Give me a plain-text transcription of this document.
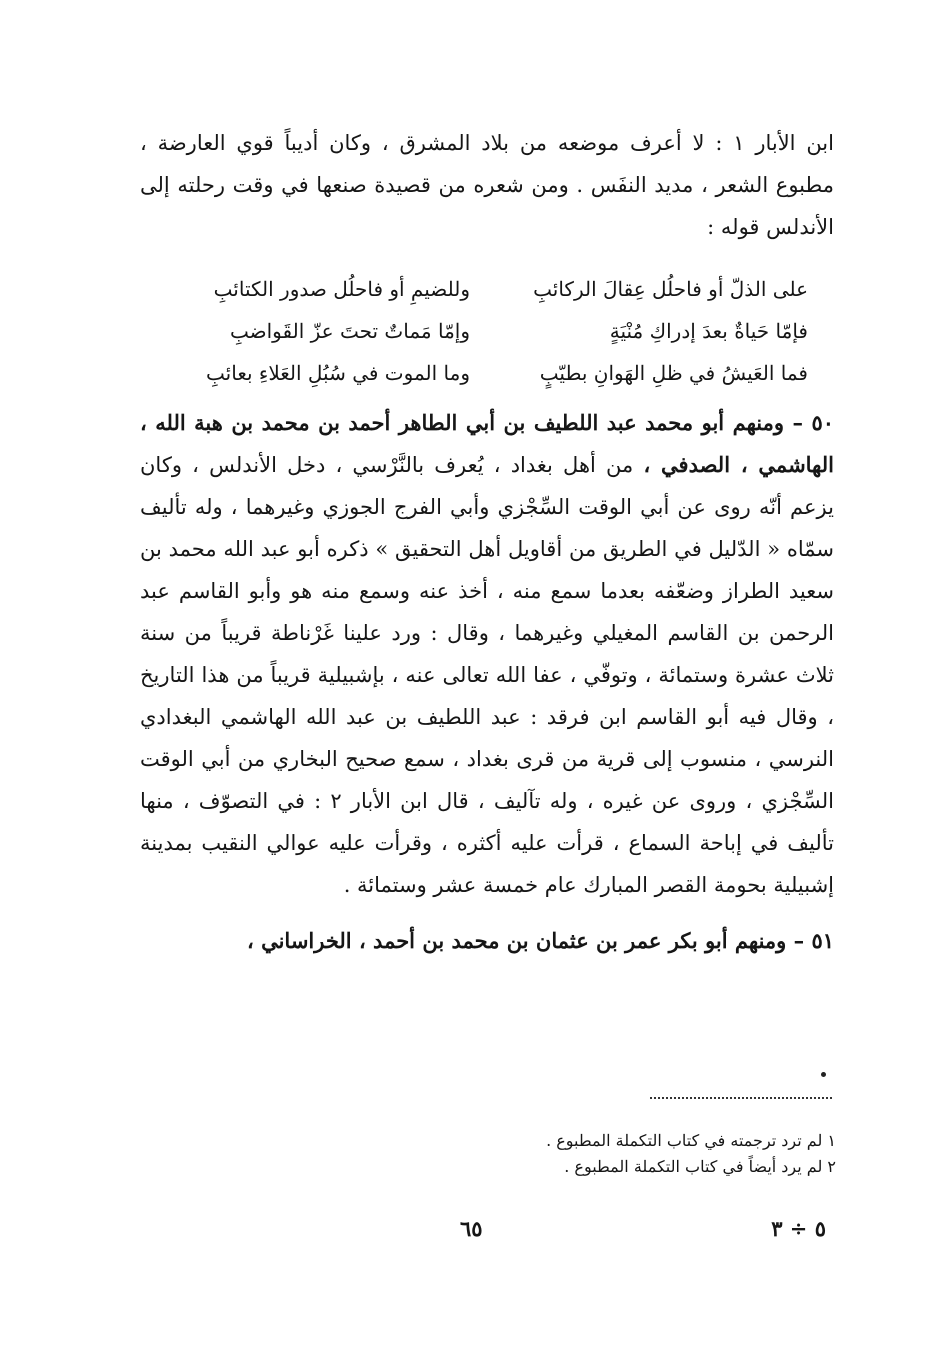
ابن الأبار ١ : لا أعرف موضعه من بلاد المشرق ، وكان أديباً قوي العارضة ، مطبوع الشعر ، مديد النفَس . ومن شعره من قصيدة صنعها في وقت رحلته إلى الأندلس قوله :

على الذلّ أو فاحلُل عِقالَ الركائبِ
وللضيمِ أو فاحلُل صدور الكتائبِ
فإمّا حَياةٌ بعدَ إدراكِ مُنْيَةٍ
وإمّا مَماتٌ تحتَ عزّ القَواضبِ
فما العَيشُ في ظلِ الهَوانِ بطيّبٍ
وما الموت في سُبُلِ العَلاءِ بعائبِ

٥٠ – ومنهم أبو محمد عبد اللطيف بن أبي الطاهر أحمد بن محمد بن هبة الله ، الهاشمي ، الصدفي ، من أهل بغداد ، يُعرف بالنَّرْسي ، دخل الأندلس ، وكان يزعم أنّه روى عن أبي الوقت السِّجْزي وأبي الفرج الجوزي وغيرهما ، وله تأليف سمّاه « الدّليل في الطريق من أقاويل أهل التحقيق » ذكره أبو عبد الله محمد بن سعيد الطراز وضعّفه بعدما سمع منه ، أخذ عنه وسمع منه هو وأبو القاسم عبد الرحمن بن القاسم المغيلي وغيرهما ، وقال : ورد علينا غَرْناطة قريباً من سنة ثلاث عشرة وستمائة ، وتوفّي ، عفا الله تعالى عنه ، بإشبيلية قريباً من هذا التاريخ ، وقال فيه أبو القاسم ابن فرقد : عبد اللطيف بن عبد الله الهاشمي البغدادي النرسي ، منسوب إلى قرية من قرى بغداد ، سمع صحيح البخاري من أبي الوقت السِّجْزي ، وروى عن غيره ، وله تآليف ، قال ابن الأبار ٢ : في التصوّف ، منها تأليف في إباحة السماع ، قرأت عليه أكثره ، وقرأت عليه عوالي النقيب بمدينة إشبيلية بحومة القصر المبارك عام خمسة عشر وستمائة .

٥١ – ومنهم أبو بكر عمر بن عثمان بن محمد بن أحمد ، الخراساني ،

١ لم ترد ترجمته في كتاب التكملة المطبوع .
٢ لم يرد أيضاً في كتاب التكملة المطبوع .
٦٥	٥ ÷ ٣
